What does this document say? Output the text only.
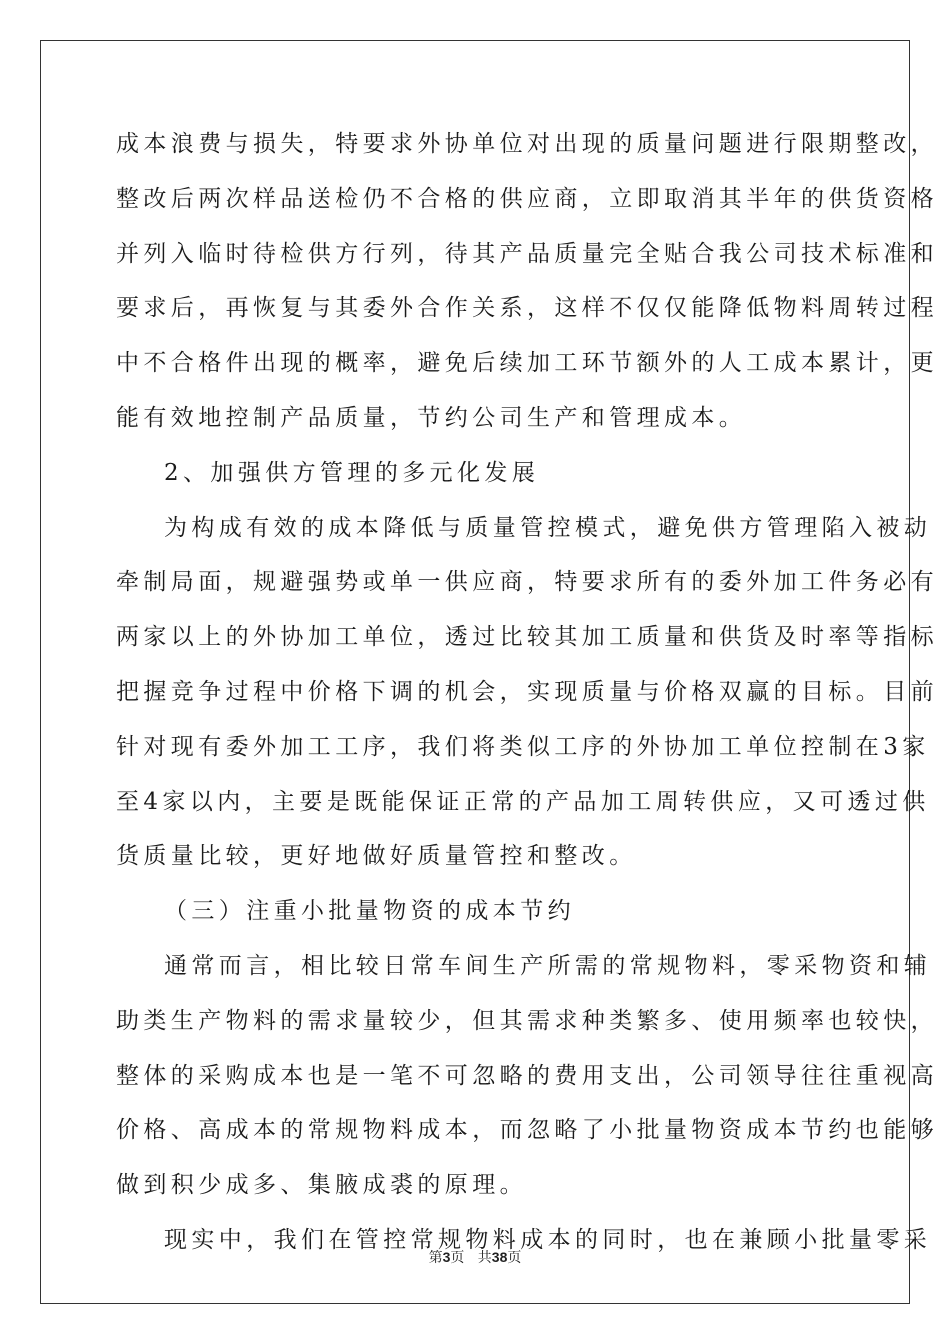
成本浪费与损失，特要求外协单位对出现的质量问题进行限期整改，
整改后两次样品送检仍不合格的供应商，立即取消其半年的供货资格
并列入临时待检供方行列，待其产品质量完全贴合我公司技术标准和
要求后，再恢复与其委外合作关系，这样不仅仅能降低物料周转过程
中不合格件出现的概率，避免后续加工环节额外的人工成本累计，更
能有效地控制产品质量，节约公司生产和管理成本。
2、加强供方管理的多元化发展
为构成有效的成本降低与质量管控模式，避免供方管理陷入被动
牵制局面，规避强势或单一供应商，特要求所有的委外加工件务必有
两家以上的外协加工单位，透过比较其加工质量和供货及时率等指标
把握竞争过程中价格下调的机会，实现质量与价格双赢的目标。目前
针对现有委外加工工序，我们将类似工序的外协加工单位控制在3家
至4家以内，主要是既能保证正常的产品加工周转供应，又可透过供
货质量比较，更好地做好质量管控和整改。
（三）注重小批量物资的成本节约
通常而言，相比较日常车间生产所需的常规物料，零采物资和辅
助类生产物料的需求量较少，但其需求种类繁多、使用频率也较快，
整体的采购成本也是一笔不可忽略的费用支出，公司领导往往重视高
价格、高成本的常规物料成本，而忽略了小批量物资成本节约也能够
做到积少成多、集腋成裘的原理。
现实中，我们在管控常规物料成本的同时，也在兼顾小批量零采
第3页 共38页
